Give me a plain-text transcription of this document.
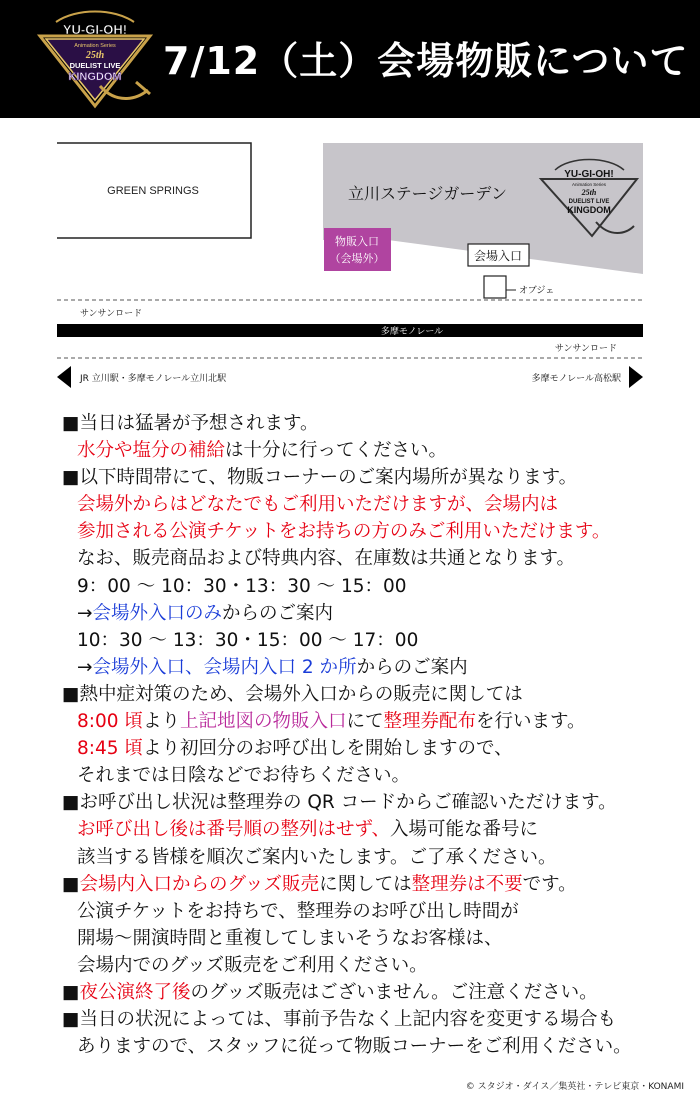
YU-GI-OH!
Animation Series
25th
DUELIST LIVE
KINGDOM 7/12（土）会場物販について
GREEN SPRINGS	立川ステージガーデン
YU-GI-OH!
Animation Series
25th
DUELIST LIVE
KINGDOM
物販入口
（会場外）	会場入口
オブジェ
サンサンロード
多摩モノレール
サンサンロード
JR 立川駅・多摩モノレール立川北駅	多摩モノレール高松駅
■当日は猛暑が予想されます。
水分や塩分の補給は十分に行ってください。
■以下時間帯にて、物販コーナーのご案内場所が異なります。
会場外からはどなたでもご利用いただけますが、会場内は
参加される公演チケットをお持ちの方のみご利用いただけます。
なお、販売商品および特典内容、在庫数は共通となります。
9：00 ～ 10：30・13：30 ～ 15：00
→会場外入口のみからのご案内
10：30 ～ 13：30・15：00 ～ 17：00
→会場外入口、会場内入口 2 か所からのご案内
■熱中症対策のため、会場外入口からの販売に関しては
8:00 頃より上記地図の物販入口にて整理券配布を行います。
8:45 頃より初回分のお呼び出しを開始しますので、
それまでは日陰などでお待ちください。
■お呼び出し状況は整理券の QR コードからご確認いただけます。
お呼び出し後は番号順の整列はせず、入場可能な番号に
該当する皆様を順次ご案内いたします。ご了承ください。
■会場内入口からのグッズ販売に関しては整理券は不要です。
公演チケットをお持ちで、整理券のお呼び出し時間が
開場～開演時間と重複してしまいそうなお客様は、
会場内でのグッズ販売をご利用ください。
■夜公演終了後のグッズ販売はございません。ご注意ください。
■当日の状況によっては、事前予告なく上記内容を変更する場合も
ありますので、スタッフに従って物販コーナーをご利用ください。
© スタジオ・ダイス／集英社・テレビ東京・KONAMI
